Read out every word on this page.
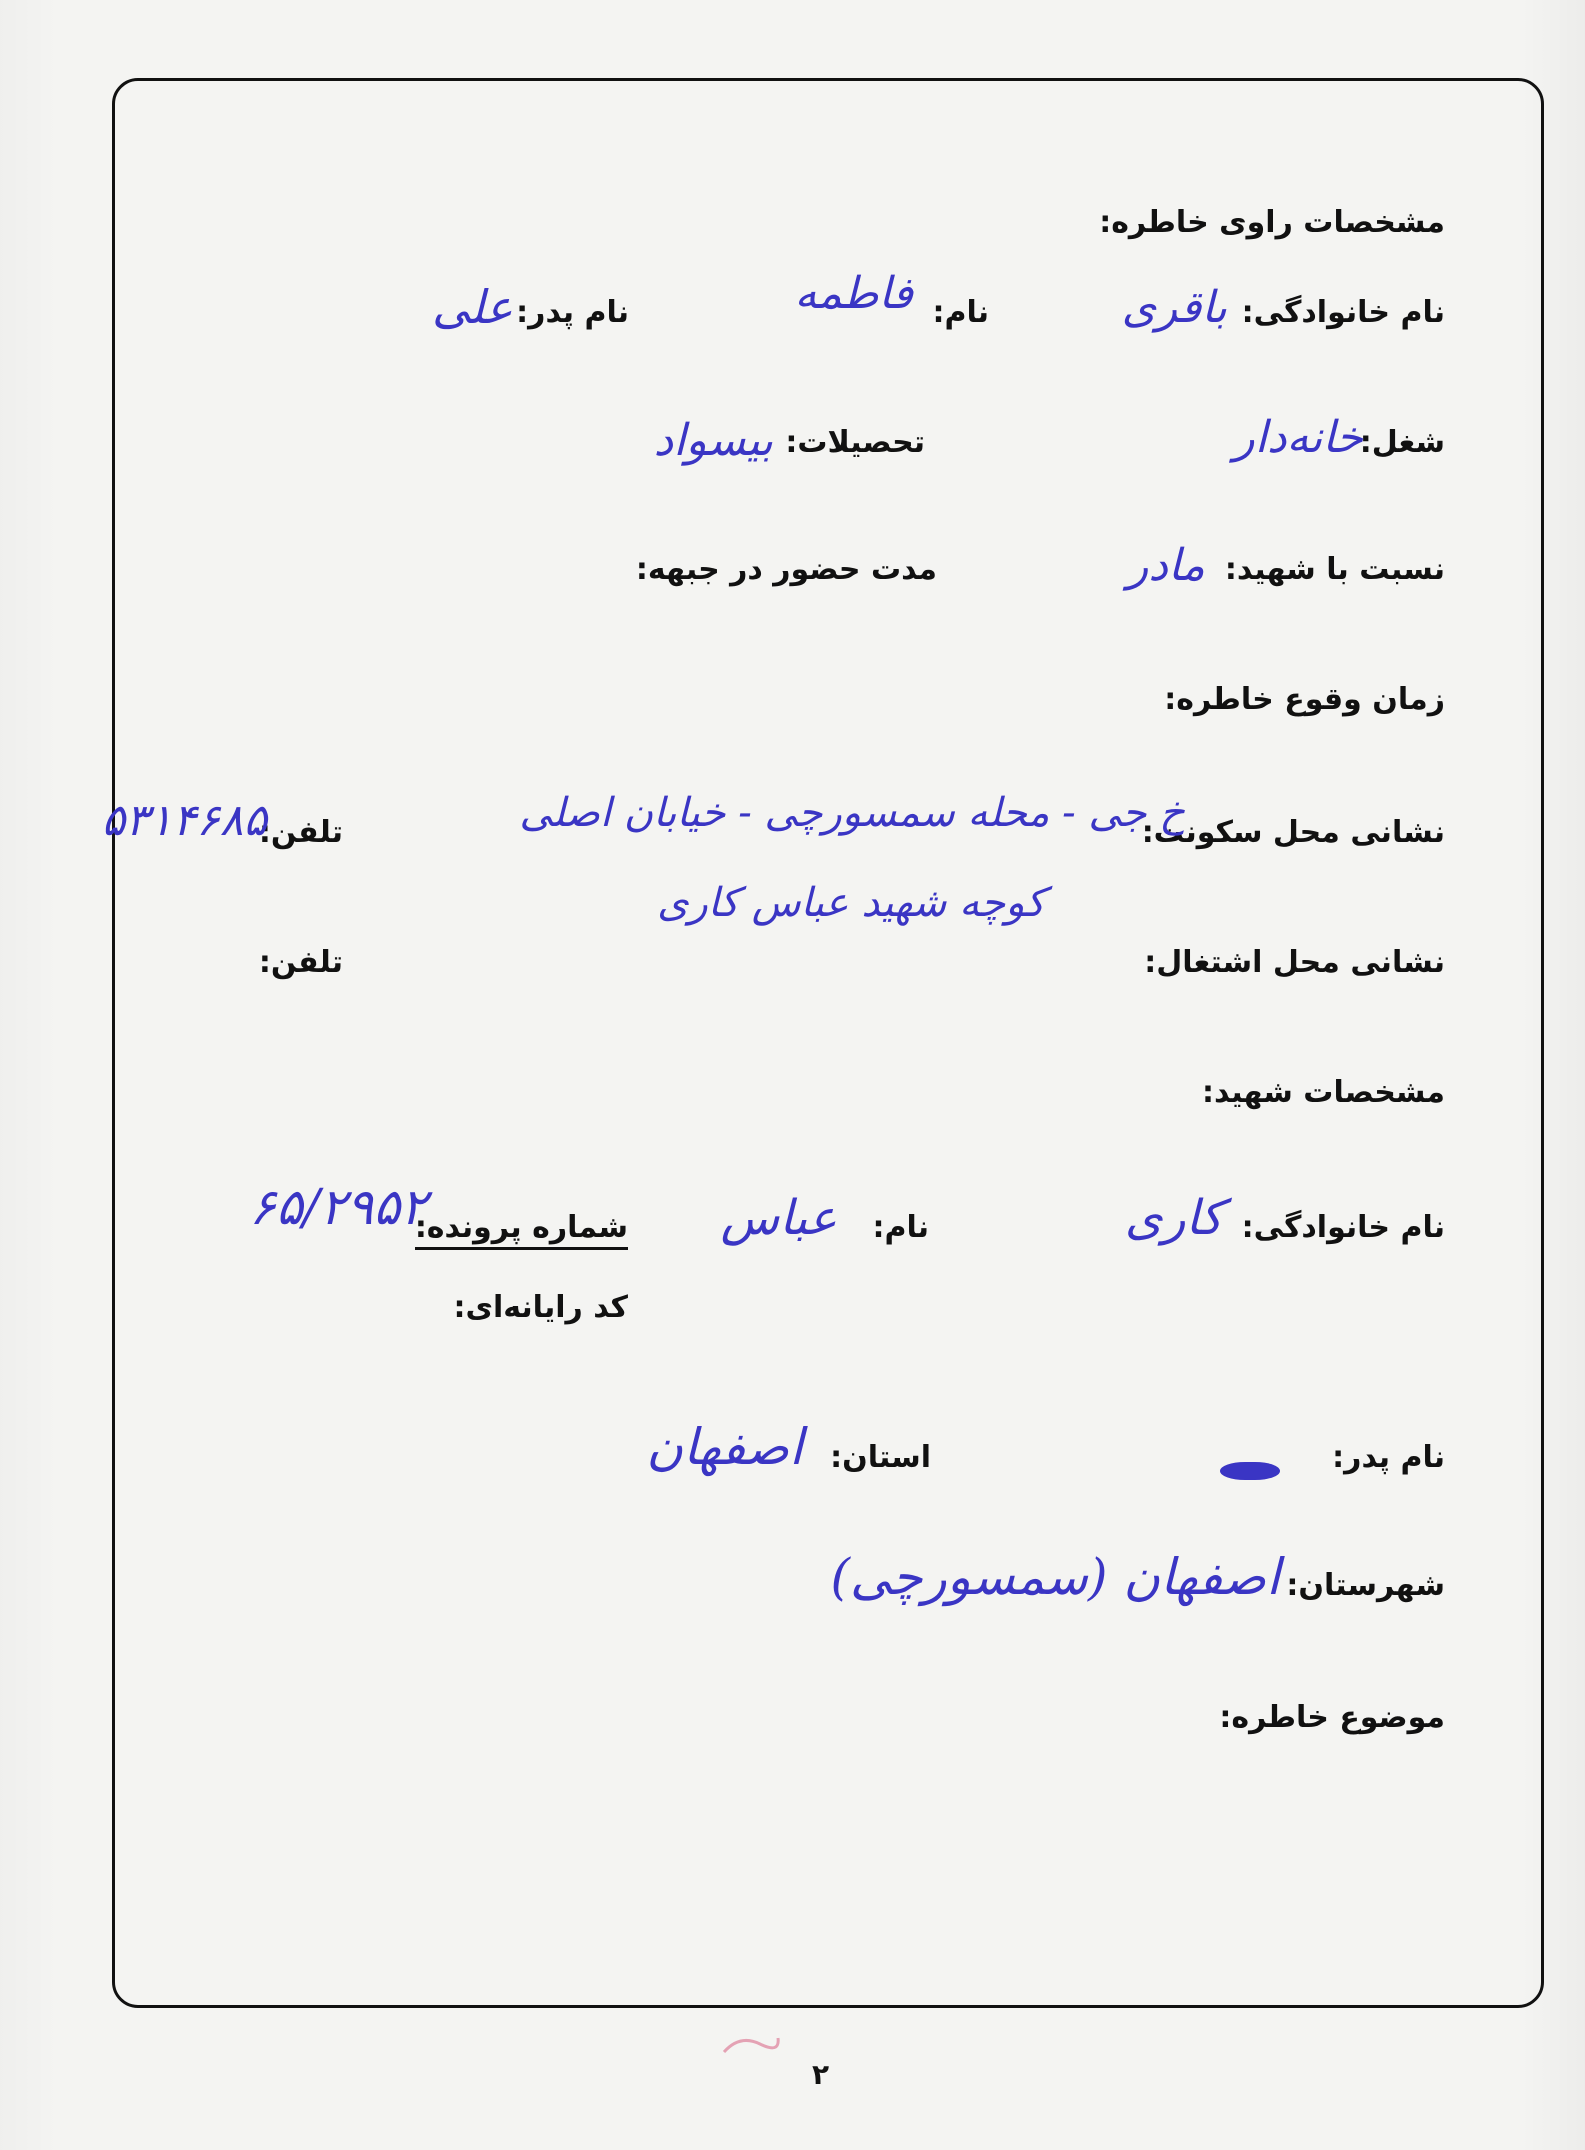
مشخصات راوی خاطره:
نام خانوادگی:
باقری
نام:
فاطمه
نام پدر:
علی
شغل:
خانه‌دار
تحصیلات:
بیسواد
نسبت با شهید:
مادر
مدت حضور در جبهه:
زمان وقوع خاطره:
نشانی محل سکونت:
خ جی - محله سمسورچی - خیابان اصلی
کوچه شهید عباس کاری
تلفن:
۵۳۱۴۶۸۵
نشانی محل اشتغال:
تلفن:
مشخصات شهید:
نام خانوادگی:
کاری
نام:
عباس
شماره پرونده:
۶۵/۲۹۵۲
کد رایانه‌ای:
نام پدر:
استان:
اصفهان
شهرستان:
اصفهان (سمسورچی)
موضوع خاطره:
۲
